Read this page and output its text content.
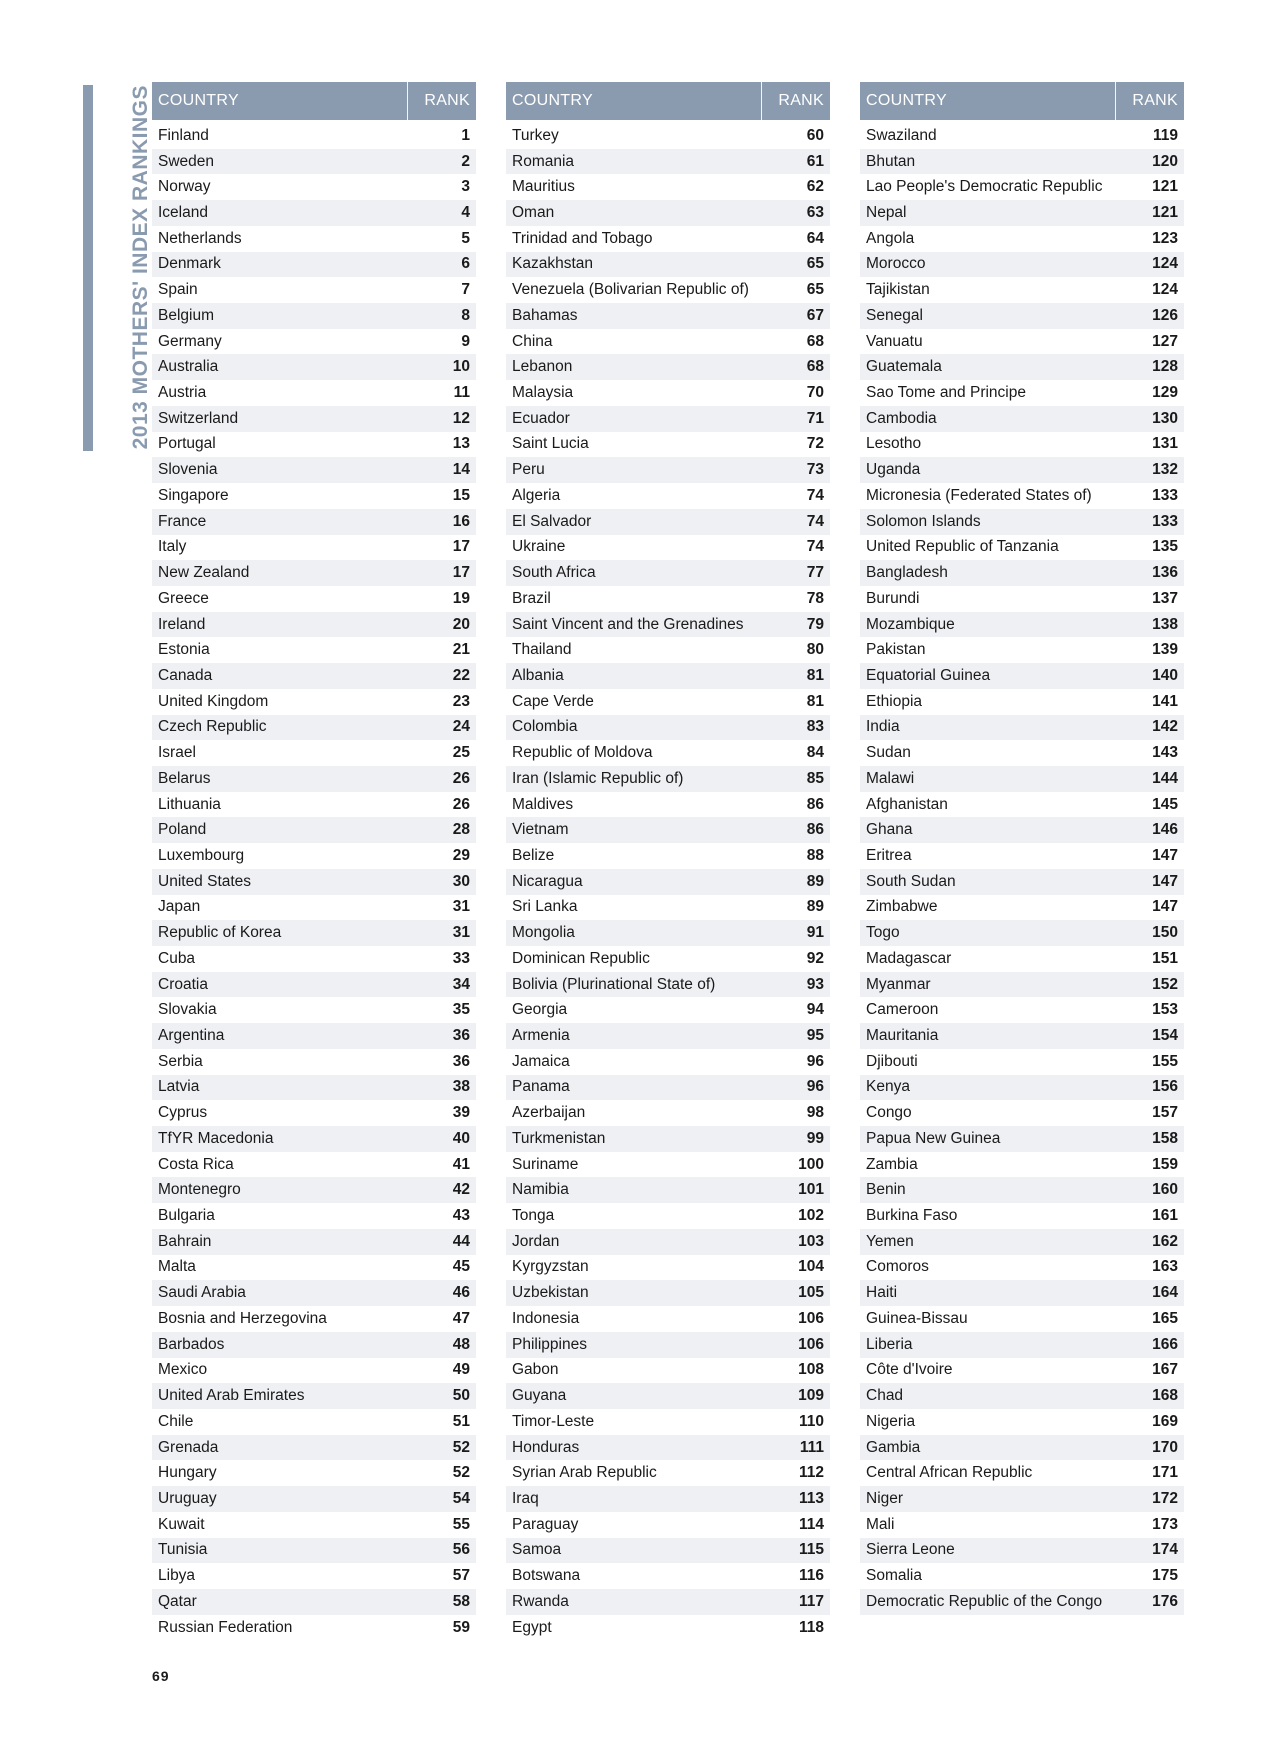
2013 MOTHERS' INDEX RANKINGS COUNTRY	RANK
Finland	1
Sweden	2
Norway	3
Iceland	4
Netherlands	5
Denmark	6
Spain	7
Belgium	8
Germany	9
Australia	10
Austria	11
Switzerland	12
Portugal	13
Slovenia	14
Singapore	15
France	16
Italy	17
New Zealand	17
Greece	19
Ireland	20
Estonia	21
Canada	22
United Kingdom	23
Czech Republic	24
Israel	25
Belarus	26
Lithuania	26
Poland	28
Luxembourg	29
United States	30
Japan	31
Republic of Korea	31
Cuba	33
Croatia	34
Slovakia	35
Argentina	36
Serbia	36
Latvia	38
Cyprus	39
TfYR Macedonia	40
Costa Rica	41
Montenegro	42
Bulgaria	43
Bahrain	44
Malta	45
Saudi Arabia	46
Bosnia and Herzegovina	47
Barbados	48
Mexico	49
United Arab Emirates	50
Chile	51
Grenada	52
Hungary	52
Uruguay	54
Kuwait	55
Tunisia	56
Libya	57
Qatar	58
Russian Federation	59
COUNTRY	RANK
Turkey	60
Romania	61
Mauritius	62
Oman	63
Trinidad and Tobago	64
Kazakhstan	65
Venezuela (Bolivarian Republic of)	65
Bahamas	67
China	68
Lebanon	68
Malaysia	70
Ecuador	71
Saint Lucia	72
Peru	73
Algeria	74
El Salvador	74
Ukraine	74
South Africa	77
Brazil	78
Saint Vincent and the Grenadines	79
Thailand	80
Albania	81
Cape Verde	81
Colombia	83
Republic of Moldova	84
Iran (Islamic Republic of)	85
Maldives	86
Vietnam	86
Belize	88
Nicaragua	89
Sri Lanka	89
Mongolia	91
Dominican Republic	92
Bolivia (Plurinational State of)	93
Georgia	94
Armenia	95
Jamaica	96
Panama	96
Azerbaijan	98
Turkmenistan	99
Suriname	100
Namibia	101
Tonga	102
Jordan	103
Kyrgyzstan	104
Uzbekistan	105
Indonesia	106
Philippines	106
Gabon	108
Guyana	109
Timor-Leste	110
Honduras	111
Syrian Arab Republic	112
Iraq	113
Paraguay	114
Samoa	115
Botswana	116
Rwanda	117
Egypt	118
COUNTRY	RANK
Swaziland	119
Bhutan	120
Lao People's Democratic Republic	121
Nepal	121
Angola	123
Morocco	124
Tajikistan	124
Senegal	126
Vanuatu	127
Guatemala	128
Sao Tome and Principe	129
Cambodia	130
Lesotho	131
Uganda	132
Micronesia (Federated States of)	133
Solomon Islands	133
United Republic of Tanzania	135
Bangladesh	136
Burundi	137
Mozambique	138
Pakistan	139
Equatorial Guinea	140
Ethiopia	141
India	142
Sudan	143
Malawi	144
Afghanistan	145
Ghana	146
Eritrea	147
South Sudan	147
Zimbabwe	147
Togo	150
Madagascar	151
Myanmar	152
Cameroon	153
Mauritania	154
Djibouti	155
Kenya	156
Congo	157
Papua New Guinea	158
Zambia	159
Benin	160
Burkina Faso	161
Yemen	162
Comoros	163
Haiti	164
Guinea-Bissau	165
Liberia	166
Côte d'Ivoire	167
Chad	168
Nigeria	169
Gambia	170
Central African Republic	171
Niger	172
Mali	173
Sierra Leone	174
Somalia	175
Democratic Republic of the Congo	176
69
